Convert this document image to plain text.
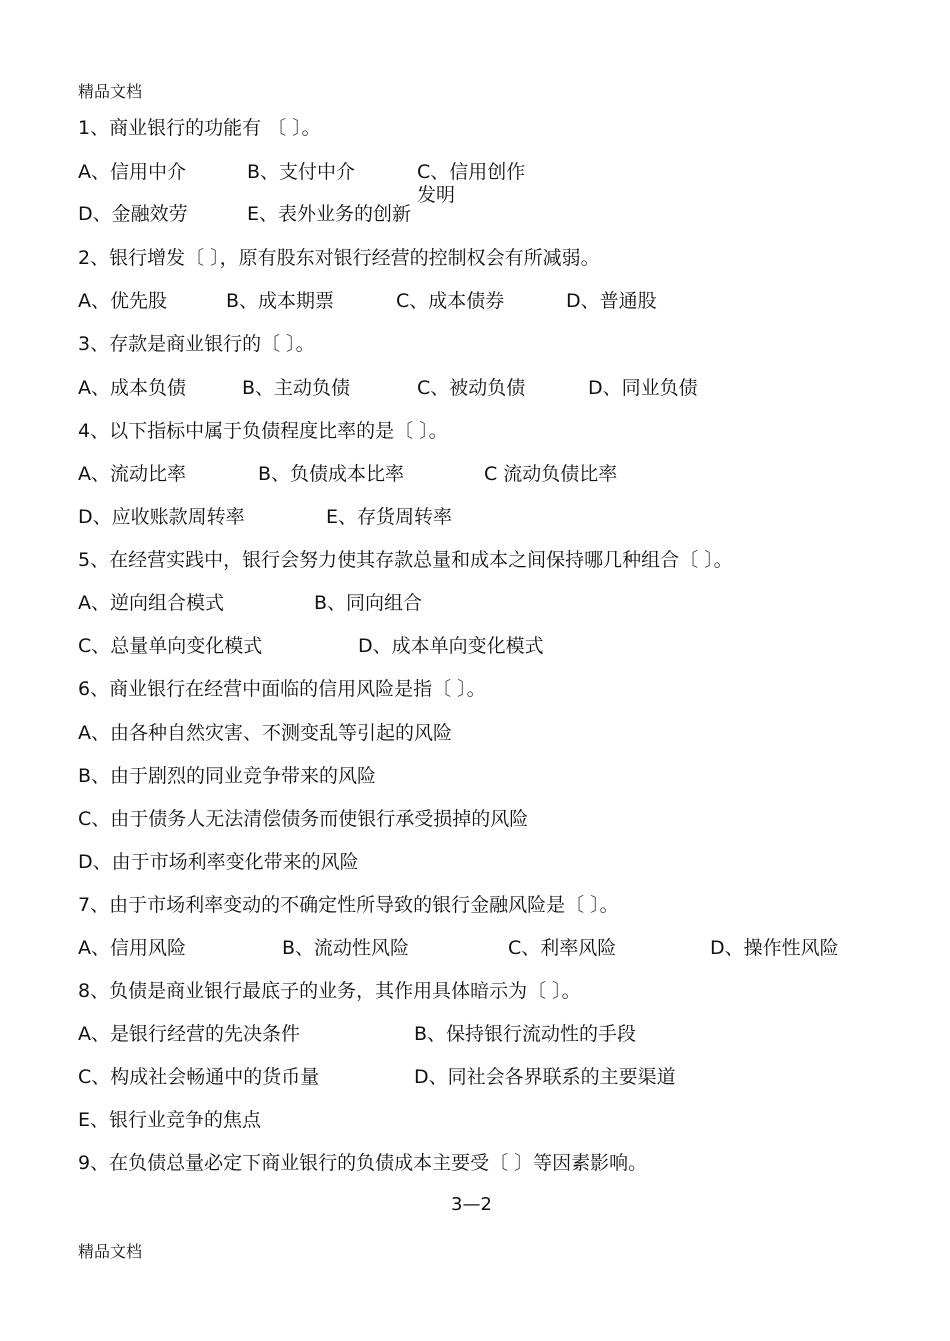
精品文档
1、商业银行的功能有 〔 〕。
A、信用中介	B、支付中介	C、信用创作
发明
D、金融效劳	E、表外业务的创新
2、银行增发〔 〕，原有股东对银行经营的控制权会有所减弱。
A、优先股	B、成本期票	C、成本债券	D、普通股
3、存款是商业银行的〔 〕。
A、成本负债	B、主动负债	C、被动负债	D、同业负债
4、以下指标中属于负债程度比率的是〔 〕。
A、流动比率	B、负债成本比率	C 流动负债比率
D、应收账款周转率	E、存货周转率
5、在经营实践中，银行会努力使其存款总量和成本之间保持哪几种组合〔 〕。
A、逆向组合模式	B、同向组合
C、总量单向变化模式	D、成本单向变化模式
6、商业银行在经营中面临的信用风险是指〔 〕。
A、由各种自然灾害、不测变乱等引起的风险
B、由于剧烈的同业竞争带来的风险
C、由于债务人无法清偿债务而使银行承受损掉的风险
D、由于市场利率变化带来的风险
7、由于市场利率变动的不确定性所导致的银行金融风险是〔 〕。
A、信用风险	B、流动性风险	C、利率风险	D、操作性风险
8、负债是商业银行最底子的业务，其作用具体暗示为〔 〕。
A、是银行经营的先决条件	B、保持银行流动性的手段
C、构成社会畅通中的货币量	D、同社会各界联系的主要渠道
E、银行业竞争的焦点
9、在负债总量必定下商业银行的负债成本主要受〔 〕等因素影响。
3—2
精品文档
